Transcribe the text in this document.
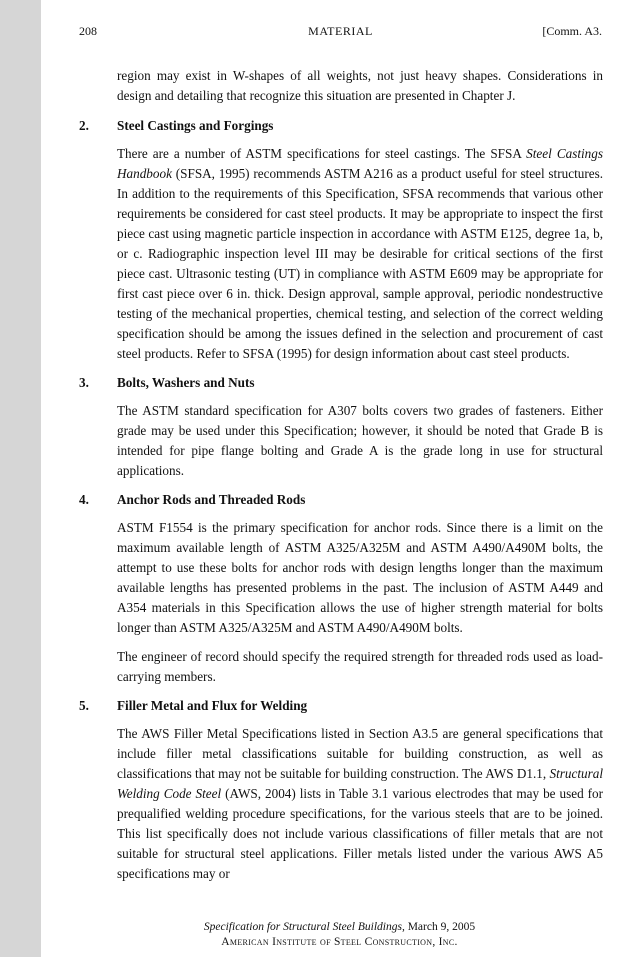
208	MATERIAL	[Comm. A3.
region may exist in W-shapes of all weights, not just heavy shapes. Considerations in design and detailing that recognize this situation are presented in Chapter J.
2.	Steel Castings and Forgings
There are a number of ASTM specifications for steel castings. The SFSA Steel Castings Handbook (SFSA, 1995) recommends ASTM A216 as a product useful for steel structures. In addition to the requirements of this Specification, SFSA recommends that various other requirements be considered for cast steel products. It may be appropriate to inspect the first piece cast using magnetic particle inspection in accordance with ASTM E125, degree 1a, b, or c. Radiographic inspection level III may be desirable for critical sections of the first piece cast. Ultrasonic testing (UT) in compliance with ASTM E609 may be appropriate for first cast piece over 6 in. thick. Design approval, sample approval, periodic nondestructive testing of the mechanical properties, chemical testing, and selection of the correct welding specification should be among the issues defined in the selection and procurement of cast steel products. Refer to SFSA (1995) for design information about cast steel products.
3.	Bolts, Washers and Nuts
The ASTM standard specification for A307 bolts covers two grades of fasteners. Either grade may be used under this Specification; however, it should be noted that Grade B is intended for pipe flange bolting and Grade A is the grade long in use for structural applications.
4.	Anchor Rods and Threaded Rods
ASTM F1554 is the primary specification for anchor rods. Since there is a limit on the maximum available length of ASTM A325/A325M and ASTM A490/A490M bolts, the attempt to use these bolts for anchor rods with design lengths longer than the maximum available lengths has presented problems in the past. The inclusion of ASTM A449 and A354 materials in this Specification allows the use of higher strength material for bolts longer than ASTM A325/A325M and ASTM A490/A490M bolts.
The engineer of record should specify the required strength for threaded rods used as load-carrying members.
5.	Filler Metal and Flux for Welding
The AWS Filler Metal Specifications listed in Section A3.5 are general specifications that include filler metal classifications suitable for building construction, as well as classifications that may not be suitable for building construction. The AWS D1.1, Structural Welding Code Steel (AWS, 2004) lists in Table 3.1 various electrodes that may be used for prequalified welding procedure specifications, for the various steels that are to be joined. This list specifically does not include various classifications of filler metals that are not suitable for structural steel applications. Filler metals listed under the various AWS A5 specifications may or
Specification for Structural Steel Buildings, March 9, 2005
American Institute of Steel Construction, Inc.
